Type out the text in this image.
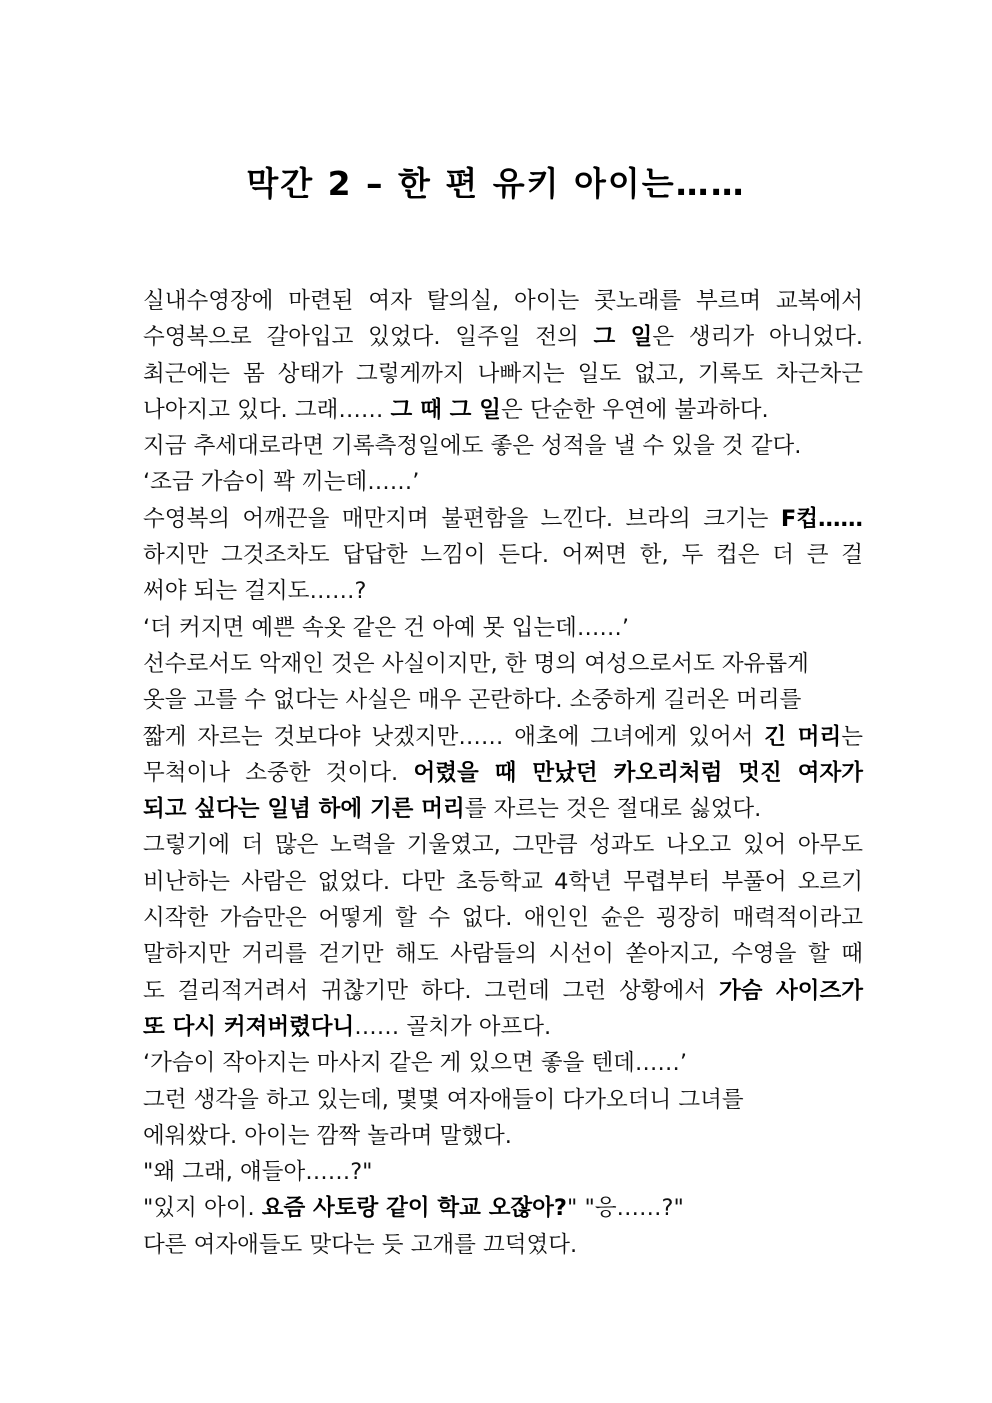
막간 2 – 한 편 유키 아이는……
실내수영장에 마련된 여자 탈의실, 아이는 콧노래를 부르며 교복에서
수영복으로 갈아입고 있었다. 일주일 전의 그 일은 생리가 아니었다.
최근에는 몸 상태가 그렇게까지 나빠지는 일도 없고, 기록도 차근차근
나아지고 있다. 그래…… 그 때 그 일은 단순한 우연에 불과하다.
지금 추세대로라면 기록측정일에도 좋은 성적을 낼 수 있을 것 같다.
‘조금 가슴이 꽉 끼는데……’
수영복의 어깨끈을 매만지며 불편함을 느낀다. 브라의 크기는 F컵……
하지만 그것조차도 답답한 느낌이 든다. 어쩌면 한, 두 컵은 더 큰 걸
써야 되는 걸지도……?
‘더 커지면 예쁜 속옷 같은 건 아예 못 입는데……’
선수로서도 악재인 것은 사실이지만, 한 명의 여성으로서도 자유롭게
옷을 고를 수 없다는 사실은 매우 곤란하다. 소중하게 길러온 머리를
짧게 자르는 것보다야 낫겠지만…… 애초에 그녀에게 있어서 긴 머리는
무척이나 소중한 것이다. 어렸을 때 만났던 카오리처럼 멋진 여자가
되고 싶다는 일념 하에 기른 머리를 자르는 것은 절대로 싫었다.
그렇기에 더 많은 노력을 기울였고, 그만큼 성과도 나오고 있어 아무도
비난하는 사람은 없었다. 다만 초등학교 4학년 무렵부터 부풀어 오르기
시작한 가슴만은 어떻게 할 수 없다. 애인인 슌은 굉장히 매력적이라고
말하지만 거리를 걷기만 해도 사람들의 시선이 쏟아지고, 수영을 할 때
도 걸리적거려서 귀찮기만 하다. 그런데 그런 상황에서 가슴 사이즈가
또 다시 커져버렸다니…… 골치가 아프다.
‘가슴이 작아지는 마사지 같은 게 있으면 좋을 텐데……’
그런 생각을 하고 있는데, 몇몇 여자애들이 다가오더니 그녀를
에워쌌다. 아이는 깜짝 놀라며 말했다.
"왜 그래, 얘들아……?"
"있지 아이. 요즘 사토랑 같이 학교 오잖아?" "응……?"
다른 여자애들도 맞다는 듯 고개를 끄덕였다.
